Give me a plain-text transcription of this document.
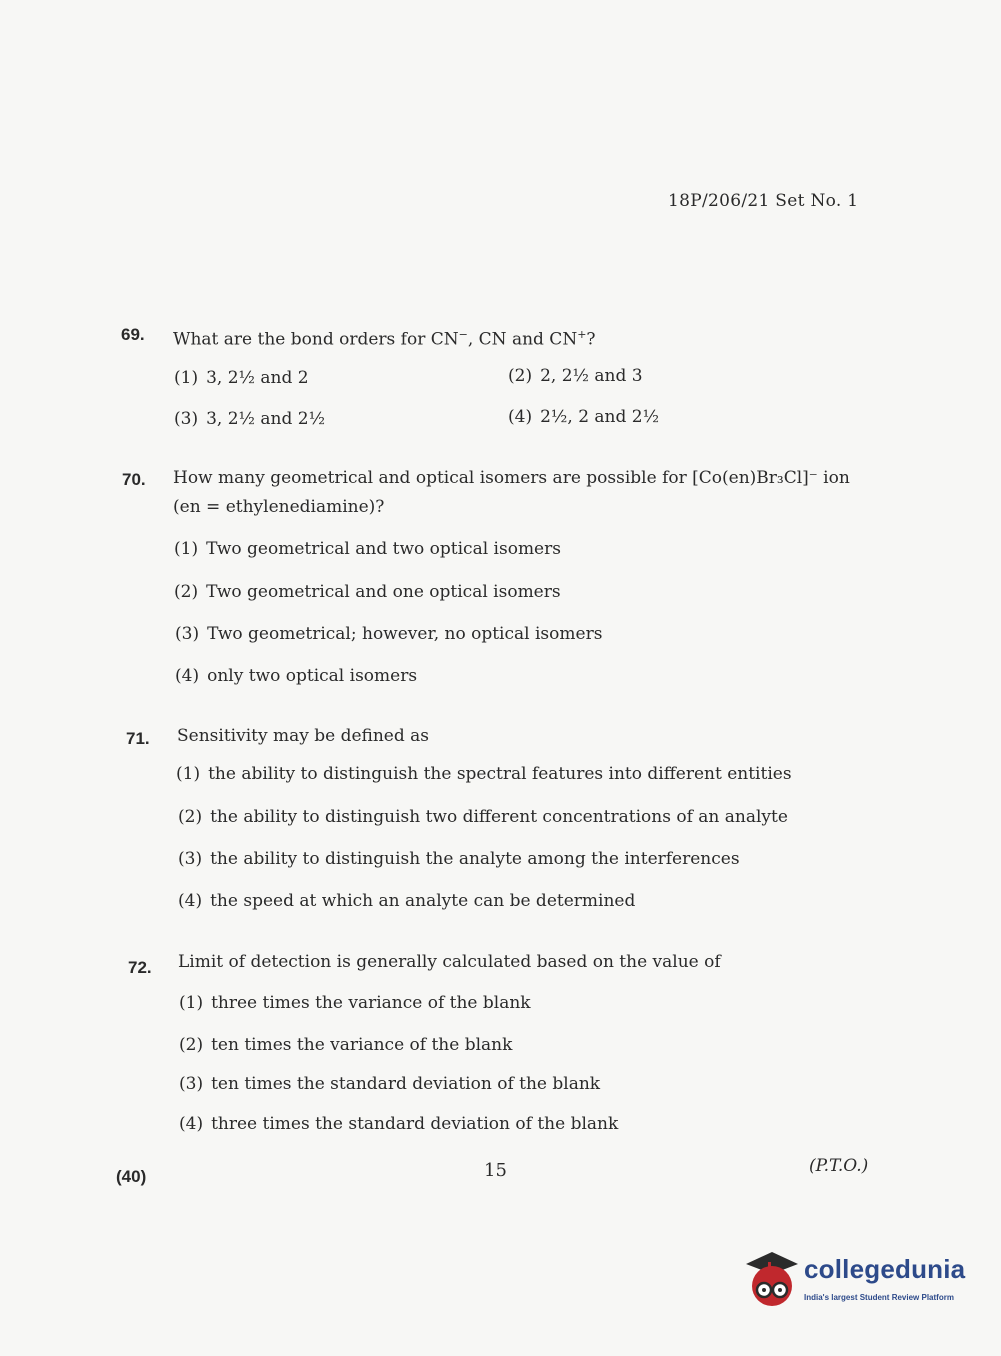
18P/206/21 Set No. 1
69. What are the bond orders for CN−, CN and CN+?
(1) 3, 2½ and 2	(2) 2, 2½ and 3
(3) 3, 2½ and 2½	(4) 2½, 2 and 2½
70. How many geometrical and optical isomers are possible for [Co(en)Br₃Cl]⁻ ion
(en = ethylenediamine)?
(1) Two geometrical and two optical isomers
(2) Two geometrical and one optical isomers
(3) Two geometrical; however, no optical isomers
(4) only two optical isomers
71. Sensitivity may be defined as
(1) the ability to distinguish the spectral features into different entities
(2) the ability to distinguish two different concentrations of an analyte
(3) the ability to distinguish the analyte among the interferences
(4) the speed at which an analyte can be determined
72. Limit of detection is generally calculated based on the value of
(1) three times the variance of the blank
(2) ten times the variance of the blank
(3) ten times the standard deviation of the blank
(4) three times the standard deviation of the blank
(40)	15	(P.T.O.)
collegedunia
India's largest Student Review Platform
